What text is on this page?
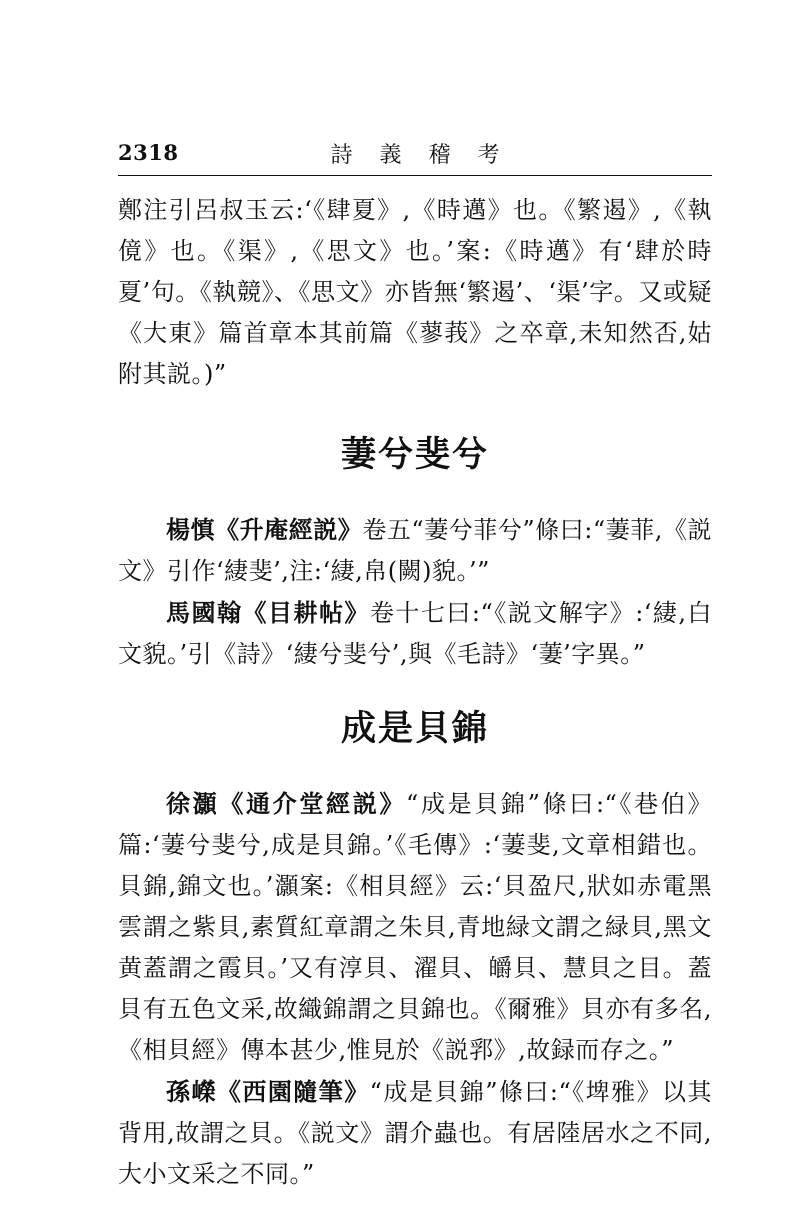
2318	詩 義 稽 考

鄭注引呂叔玉云:‘《肆夏》,《時邁》也。《繁遏》,《執傹》也。《渠》,《思文》也。’案:《時邁》有‘肆於時夏’句。《執競》、《思文》亦皆無‘繁遏’、‘渠’字。又或疑《大東》篇首章本其前篇《蓼莪》之卒章,未知然否,姑附其説。)”

萋兮斐兮

楊慎《升庵經説》卷五“萋兮菲兮”條曰:“萋菲,《説文》引作‘緀斐’,注:‘緀,帛(闕)貌。’”

馬國翰《目耕帖》卷十七曰:“《説文解字》:‘緀,白文貌。’引《詩》‘緀兮斐兮’,與《毛詩》‘萋’字異。”

成是貝錦

徐灝《通介堂經説》“成是貝錦”條曰:“《巷伯》篇:‘萋兮斐兮,成是貝錦。’《毛傳》:‘萋斐,文章相錯也。貝錦,錦文也。’灝案:《相貝經》云:‘貝盈尺,狀如赤電黑雲謂之紫貝,素質紅章謂之朱貝,青地緑文謂之緑貝,黑文黄蓋謂之霞貝。’又有淳貝、濯貝、皭貝、慧貝之目。蓋貝有五色文采,故織錦謂之貝錦也。《爾雅》貝亦有多名,《相貝經》傳本甚少,惟見於《説郛》,故録而存之。”

孫嶸《西園隨筆》“成是貝錦”條曰:“《埤雅》以其背用,故謂之貝。《説文》謂介蟲也。有居陸居水之不同,大小文采之不同。”
